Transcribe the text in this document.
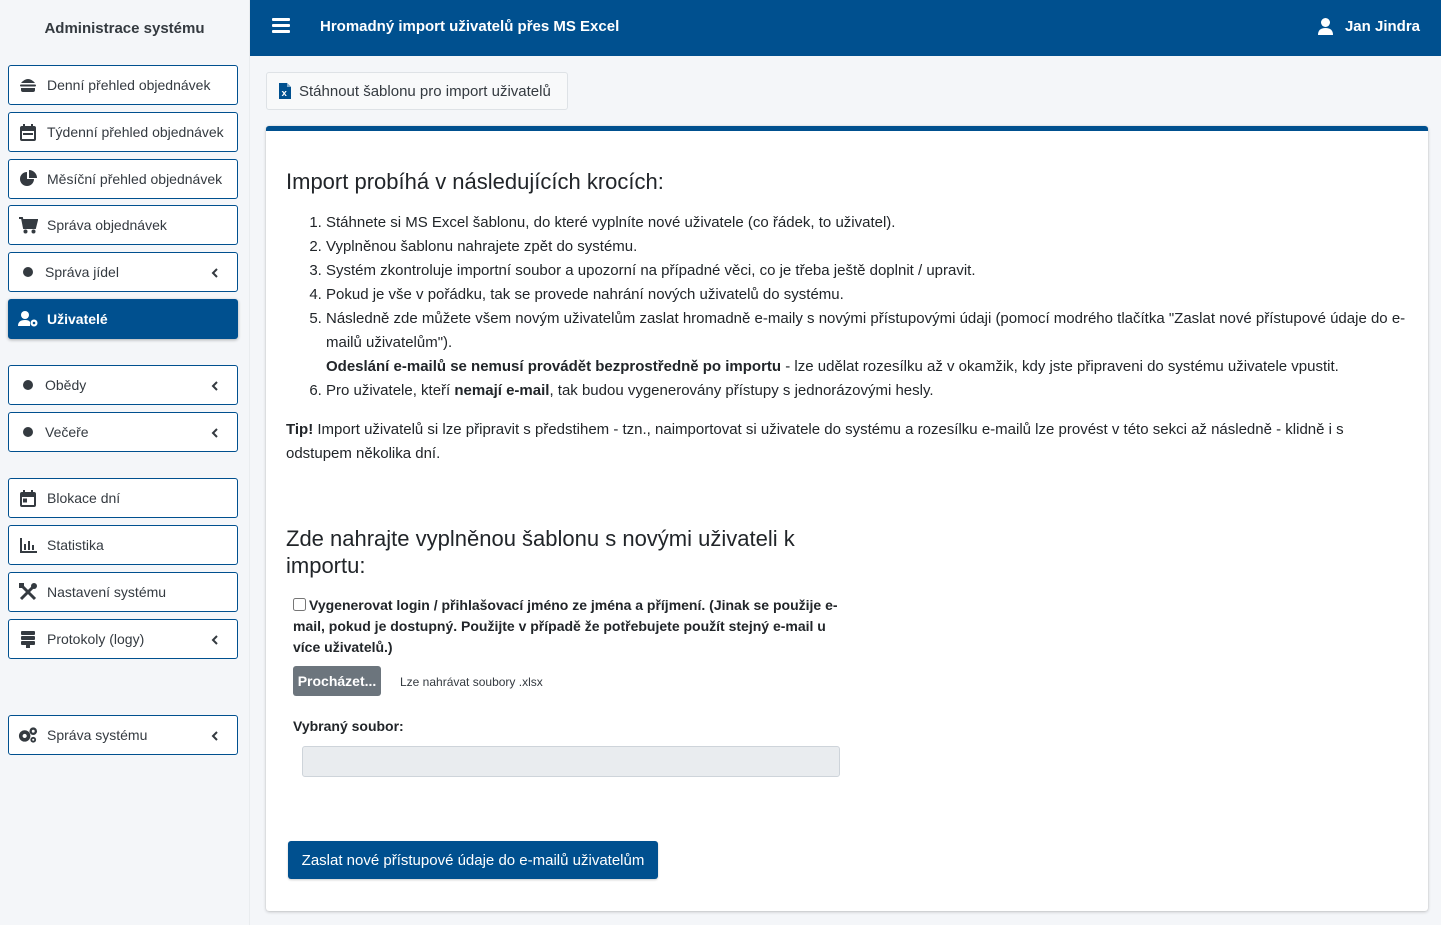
Administrace systému
Denní přehled objednávek
Týdenní přehled objednávek
Měsíční přehled objednávek
Správa objednávek
Správa jídel
Uživatelé
Obědy
Večeře
Blokace dní
Statistika
Nastavení systému
Protokoly (logy)
Správa systému
Hromadný import uživatelů přes MS Excel	Jan Jindra
X Stáhnout šablonu pro import uživatelů
Import probíhá v následujících krocích:
1. Stáhnete si MS Excel šablonu, do které vyplníte nové uživatele (co řádek, to uživatel).
2. Vyplněnou šablonu nahrajete zpět do systému.
3. Systém zkontroluje importní soubor a upozorní na případné věci, co je třeba ještě doplnit / upravit.
4. Pokud je vše v pořádku, tak se provede nahrání nových uživatelů do systému.
5. Následně zde můžete všem novým uživatelům zaslat hromadně e-maily s novými přístupovými údaji (pomocí modrého tlačítka "Zaslat nové přístupové údaje do e-mailů uživatelům").
Odeslání e-mailů se nemusí provádět bezprostředně po importu - lze udělat rozesílku až v okamžik, kdy jste připraveni do systému uživatele vpustit.
6. Pro uživatele, kteří nemají e-mail, tak budou vygenerovány přístupy s jednorázovými hesly.

Tip! Import uživatelů si lze připravit s předstihem - tzn., naimportovat si uživatele do systému a rozesílku e-mailů lze provést v této sekci až následně - klidně i s odstupem několika dní.

Zde nahrajte vyplněnou šablonu s novými uživateli k importu:
Vygenerovat login / přihlašovací jméno ze jména a příjmení. (Jinak se použije e-mail, pokud je dostupný. Použijte v případě že potřebujete použít stejný e-mail u více uživatelů.)
Procházet...	Lze nahrávat soubory .xlsx
Vybraný soubor:
Zaslat nové přístupové údaje do e-mailů uživatelům
